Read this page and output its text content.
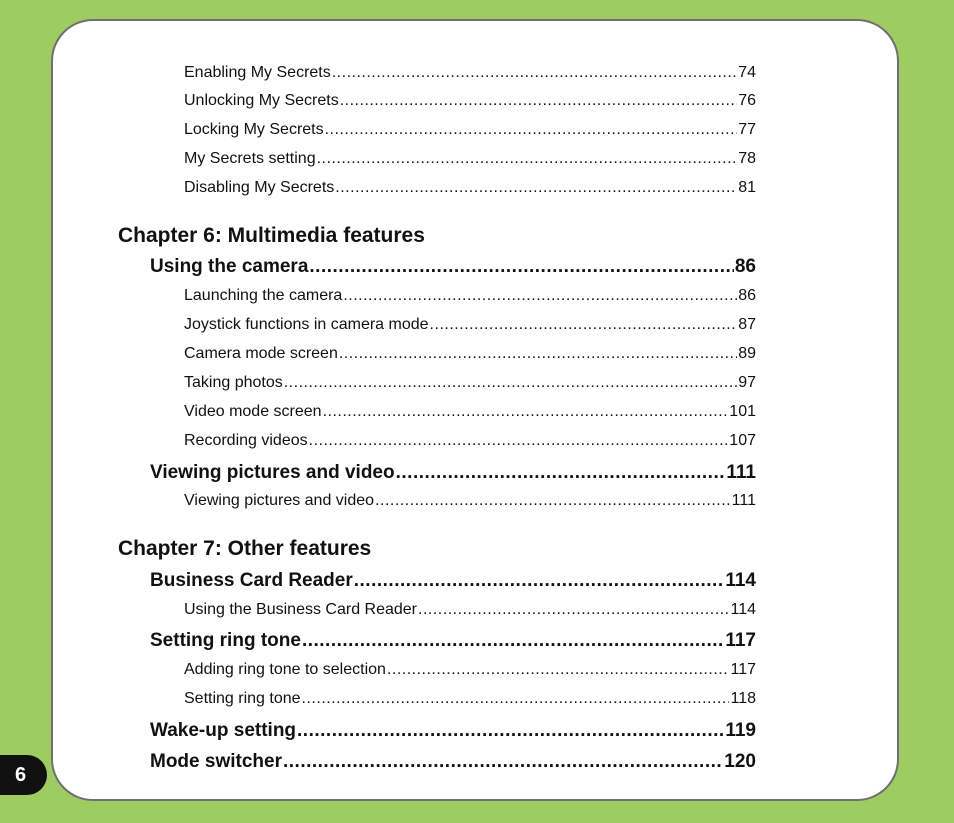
6
Enabling My Secrets .....	74
Unlocking My Secrets .....	76
Locking My Secrets .....	77
My Secrets setting .....	78
Disabling My Secrets .....	81
Chapter 6: Multimedia features
Using the camera .....	86
Launching the camera .....	86
Joystick functions in camera mode .....	87
Camera mode screen .....	89
Taking photos .....	97
Video mode screen .....	101
Recording videos .....	107
Viewing pictures and video .....	111
Viewing pictures and video .....	111
Chapter 7: Other features
Business Card Reader .....	114
Using the Business Card Reader .....	114
Setting ring tone .....	117
Adding ring tone to selection .....	117
Setting ring tone .....	118
Wake-up setting .....	119
Mode switcher .....	120
